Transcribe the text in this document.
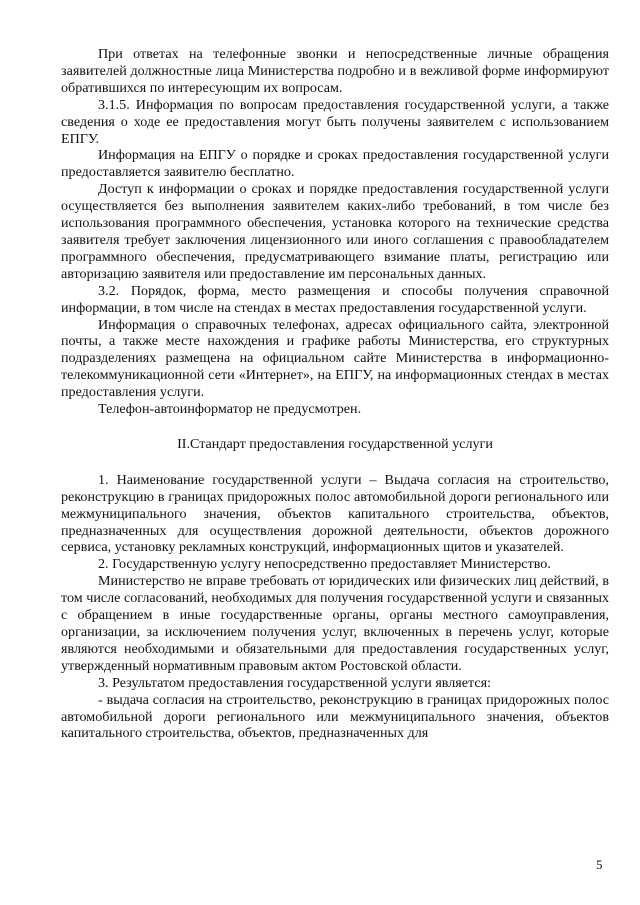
При ответах на телефонные звонки и непосредственные личные обращения заявителей должностные лица Министерства подробно и в вежливой форме информируют обратившихся по интересующим их вопросам.

3.1.5. Информация по вопросам предоставления государственной услуги, а также сведения о ходе ее предоставления могут быть получены заявителем с использованием ЕПГУ.

Информация на ЕПГУ о порядке и сроках предоставления государственной услуги предоставляется заявителю бесплатно.

Доступ к информации о сроках и порядке предоставления государственной услуги осуществляется без выполнения заявителем каких-либо требований, в том числе без использования программного обеспечения, установка которого на технические средства заявителя требует заключения лицензионного или иного соглашения с правообладателем программного обеспечения, предусматривающего взимание платы, регистрацию или авторизацию заявителя или предоставление им персональных данных.

3.2. Порядок, форма, место размещения и способы получения справочной информации, в том числе на стендах в местах предоставления государственной услуги.

Информация о справочных телефонах, адресах официального сайта, электронной почты, а также месте нахождения и графике работы Министерства, его структурных подразделениях размещена на официальном сайте Министерства в информационно-телекоммуникационной сети «Интернет», на ЕПГУ, на информационных стендах в местах предоставления услуги.

Телефон-автоинформатор не предусмотрен.

II.Стандарт предоставления государственной услуги

1. Наименование государственной услуги – Выдача согласия на строительство, реконструкцию в границах придорожных полос автомобильной дороги регионального или межмуниципального значения, объектов капитального строительства, объектов, предназначенных для осуществления дорожной деятельности, объектов дорожного сервиса, установку рекламных конструкций, информационных щитов и указателей.

2. Государственную услугу непосредственно предоставляет Министерство.

Министерство не вправе требовать от юридических или физических лиц действий, в том числе согласований, необходимых для получения государственной услуги и связанных с обращением в иные государственные органы, органы местного самоуправления, организации, за исключением получения услуг, включенных в перечень услуг, которые являются необходимыми и обязательными для предоставления государственных услуг, утвержденный нормативным правовым актом Ростовской области.

3. Результатом предоставления государственной услуги является:

- выдача согласия на строительство, реконструкцию в границах придорожных полос автомобильной дороги регионального или межмуниципального значения, объектов капитального строительства, объектов, предназначенных для

5
